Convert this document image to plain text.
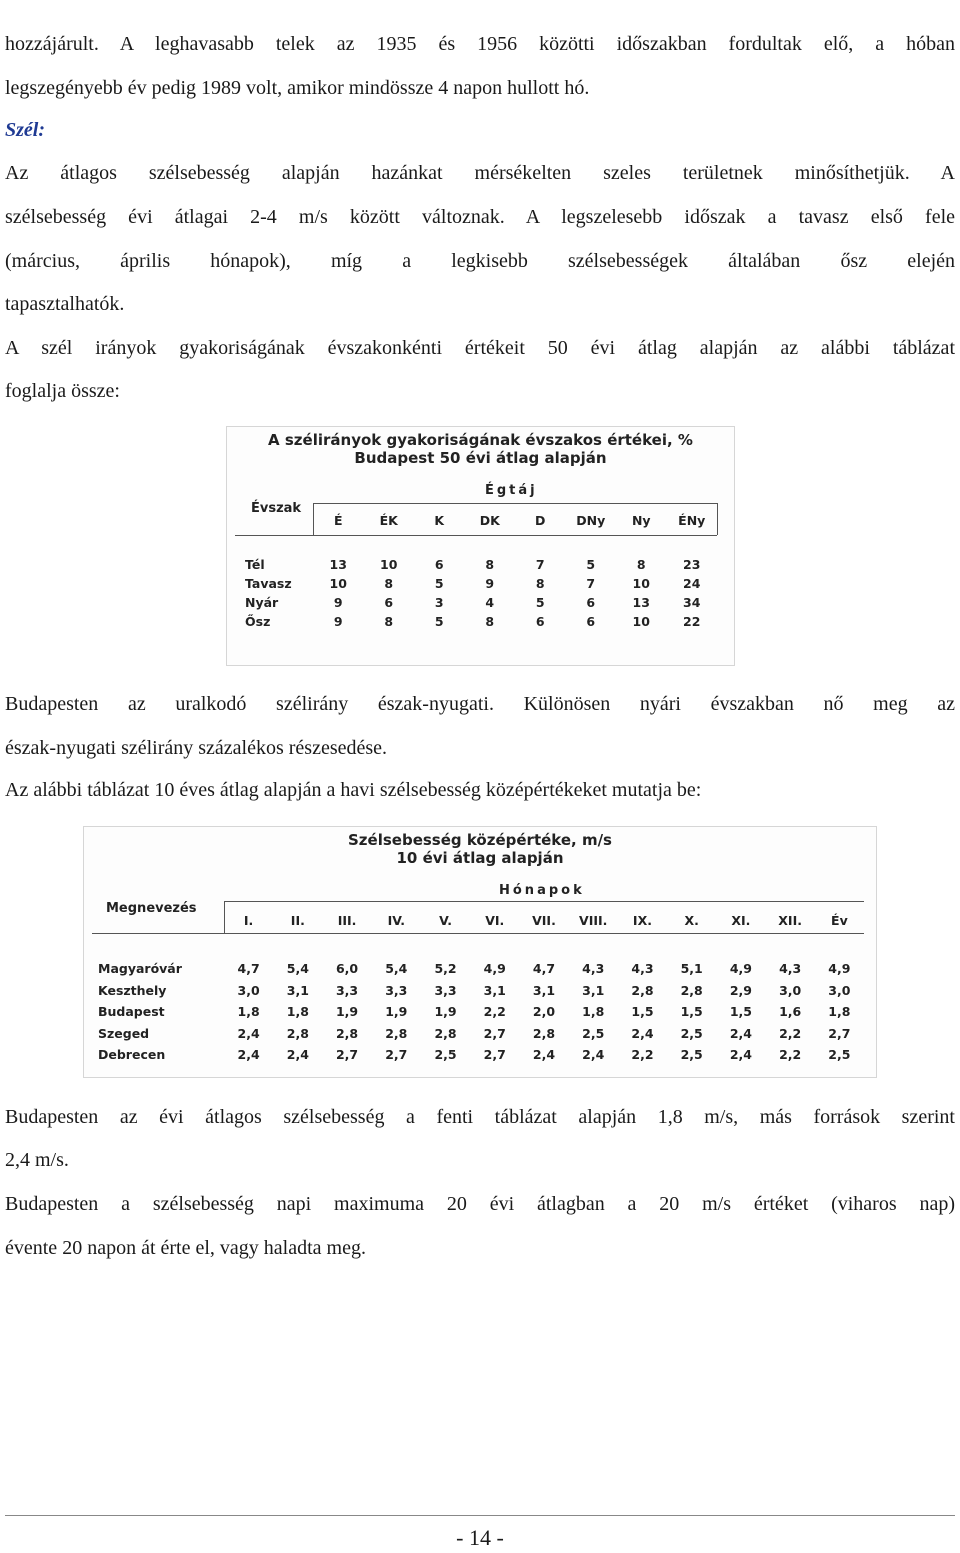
hozzájárult. A leghavasabb telek az 1935 és 1956 közötti időszakban fordultak elő, a hóban
legszegényebb év pedig 1989 volt, amikor mindössze 4 napon hullott hó.
Szél:
Az átlagos szélsebesség alapján hazánkat mérsékelten szeles területnek minősíthetjük. A
szélsebesség évi átlagai 2-4 m/s között változnak. A legszelesebb időszak a tavasz első fele
(március, április hónapok), míg a legkisebb szélsebességek általában ősz elején
tapasztalhatók.
A szél irányok gyakoriságának évszakonkénti értékeit 50 évi átlag alapján az alábbi táblázat
foglalja össze:
A szélirányok gyakoriságának évszakos értékei, %
Budapest 50 évi átlag alapján
Égtáj
Évszak
É	ÉK	K	DK	D	DNy	Ny	ÉNy
Tél	13	10	6	8	7	5	8	23
Tavasz	10	8	5	9	8	7	10	24
Nyár	9	6	3	4	5	6	13	34
Ősz	9	8	5	8	6	6	10	22
Budapesten az uralkodó szélirány észak-nyugati. Különösen nyári évszakban nő meg az
észak-nyugati szélirány százalékos részesedése.
Az alábbi táblázat 10 éves átlag alapján a havi szélsebesség középértékeket mutatja be:
Szélsebesség középértéke, m/s
10 évi átlag alapján
Hónapok
Megnevezés
I.	II.	III.	IV.	V.	VI.	VII.	VIII.	IX.	X.	XI.	XII.	Év
Magyaróvár	4,7	5,4	6,0	5,4	5,2	4,9	4,7	4,3	4,3	5,1	4,9	4,3	4,9
Keszthely	3,0	3,1	3,3	3,3	3,3	3,1	3,1	3,1	2,8	2,8	2,9	3,0	3,0
Budapest	1,8	1,8	1,9	1,9	1,9	2,2	2,0	1,8	1,5	1,5	1,5	1,6	1,8
Szeged	2,4	2,8	2,8	2,8	2,8	2,7	2,8	2,5	2,4	2,5	2,4	2,2	2,7
Debrecen	2,4	2,4	2,7	2,7	2,5	2,7	2,4	2,4	2,2	2,5	2,4	2,2	2,5
Budapesten az évi átlagos szélsebesség a fenti táblázat alapján 1,8 m/s, más források szerint
2,4 m/s.
Budapesten a szélsebesség napi maximuma 20 évi átlagban a 20 m/s értéket (viharos nap)
évente 20 napon át érte el, vagy haladta meg.
- 14 -
